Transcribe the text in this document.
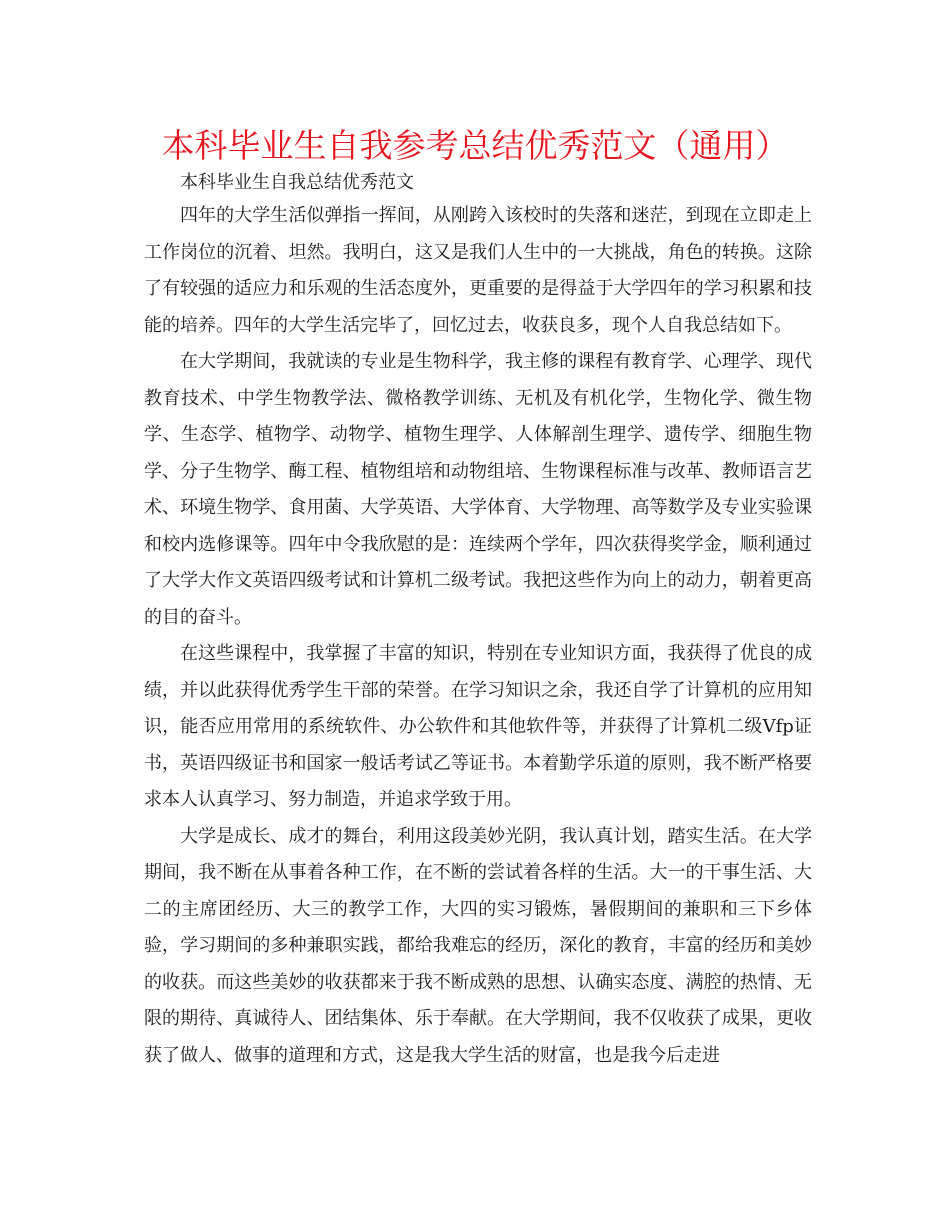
本科毕业生自我参考总结优秀范文（通用）

本科毕业生自我总结优秀范文

四年的大学生活似弹指一挥间，从刚跨入该校时的失落和迷茫，到现在立即走上工作岗位的沉着、坦然。我明白，这又是我们人生中的一大挑战，角色的转换。这除了有较强的适应力和乐观的生活态度外，更重要的是得益于大学四年的学习积累和技能的培养。四年的大学生活完毕了，回忆过去，收获良多，现个人自我总结如下。

在大学期间，我就读的专业是生物科学，我主修的课程有教育学、心理学、现代教育技术、中学生物教学法、微格教学训练、无机及有机化学，生物化学、微生物学、生态学、植物学、动物学、植物生理学、人体解剖生理学、遗传学、细胞生物学、分子生物学、酶工程、植物组培和动物组培、生物课程标准与改革、教师语言艺术、环境生物学、食用菌、大学英语、大学体育、大学物理、高等数学及专业实验课和校内选修课等。四年中令我欣慰的是：连续两个学年，四次获得奖学金，顺利通过了大学大作文英语四级考试和计算机二级考试。我把这些作为向上的动力，朝着更高的目的奋斗。

在这些课程中，我掌握了丰富的知识，特别在专业知识方面，我获得了优良的成绩，并以此获得优秀学生干部的荣誉。在学习知识之余，我还自学了计算机的应用知识，能否应用常用的系统软件、办公软件和其他软件等，并获得了计算机二级Vfp证书，英语四级证书和国家一般话考试乙等证书。本着勤学乐道的原则，我不断严格要求本人认真学习、努力制造，并追求学致于用。

大学是成长、成才的舞台，利用这段美妙光阴，我认真计划，踏实生活。在大学期间，我不断在从事着各种工作，在不断的尝试着各样的生活。大一的干事生活、大二的主席团经历、大三的教学工作，大四的实习锻炼，暑假期间的兼职和三下乡体验，学习期间的多种兼职实践，都给我难忘的经历，深化的教育，丰富的经历和美妙的收获。而这些美妙的收获都来于我不断成熟的思想、认确实态度、满腔的热情、无限的期待、真诚待人、团结集体、乐于奉献。在大学期间，我不仅收获了成果，更收获了做人、做事的道理和方式，这是我大学生活的财富，也是我今后走进
